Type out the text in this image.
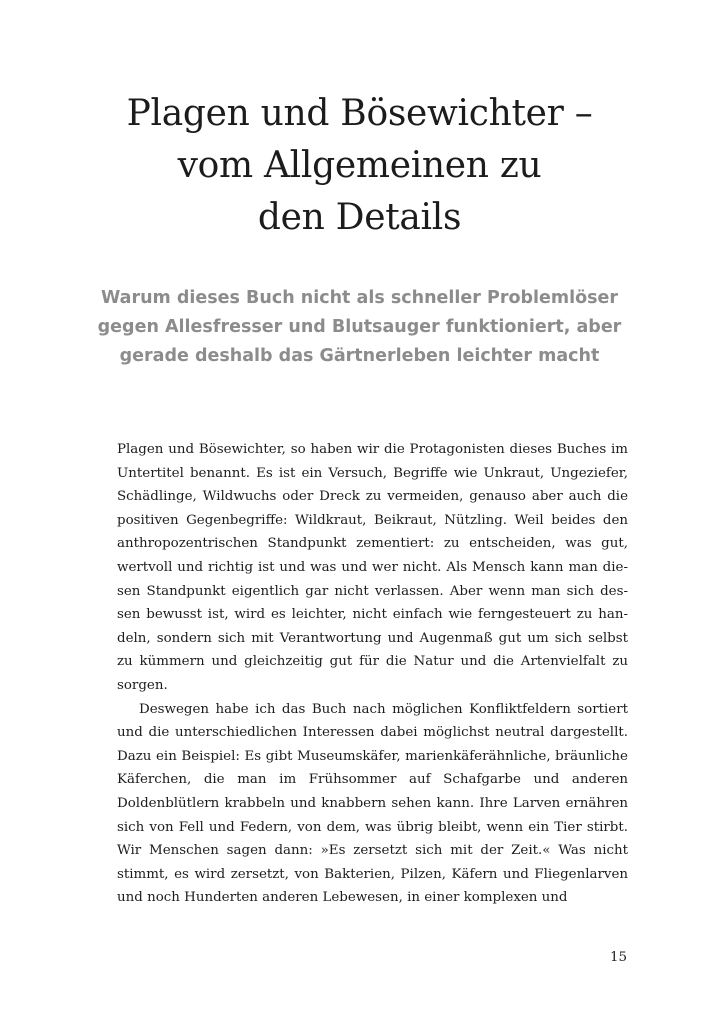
Plagen und Bösewichter –
vom Allgemeinen zu
den Details
Warum dieses Buch nicht als schneller Problemlöser
gegen Allesfresser und Blutsauger funktioniert, aber
gerade deshalb das Gärtnerleben leichter macht

Plagen und Bösewichter, so haben wir die Protagonisten dieses Buches im Untertitel benannt. Es ist ein Versuch, Begriffe wie Unkraut, Ungeziefer, Schädlinge, Wildwuchs oder Dreck zu vermeiden, genauso aber auch die positiven Gegenbegriffe: Wildkraut, Beikraut, Nützling. Weil beides den anthropozentrischen Standpunkt zementiert: zu entscheiden, was gut, wertvoll und richtig ist und was und wer nicht. Als Mensch kann man diesen Standpunkt eigentlich gar nicht verlassen. Aber wenn man sich dessen bewusst ist, wird es leichter, nicht einfach wie ferngesteuert zu handeln, sondern sich mit Verantwortung und Augenmaß gut um sich selbst zu kümmern und gleichzeitig gut für die Natur und die Artenvielfalt zu sorgen.

Deswegen habe ich das Buch nach möglichen Konfliktfeldern sortiert und die unterschiedlichen Interessen dabei möglichst neutral dargestellt. Dazu ein Beispiel: Es gibt Museumskäfer, marienkäferähnliche, bräunliche Käferchen, die man im Frühsommer auf Schafgarbe und anderen Doldenblütlern krabbeln und knabbern sehen kann. Ihre Larven ernähren sich von Fell und Federn, von dem, was übrig bleibt, wenn ein Tier stirbt. Wir Menschen sagen dann: »Es zersetzt sich mit der Zeit.« Was nicht stimmt, es wird zersetzt, von Bakterien, Pilzen, Käfern und Fliegenlarven und noch Hunderten anderen Lebewesen, in einer komplexen und

15
